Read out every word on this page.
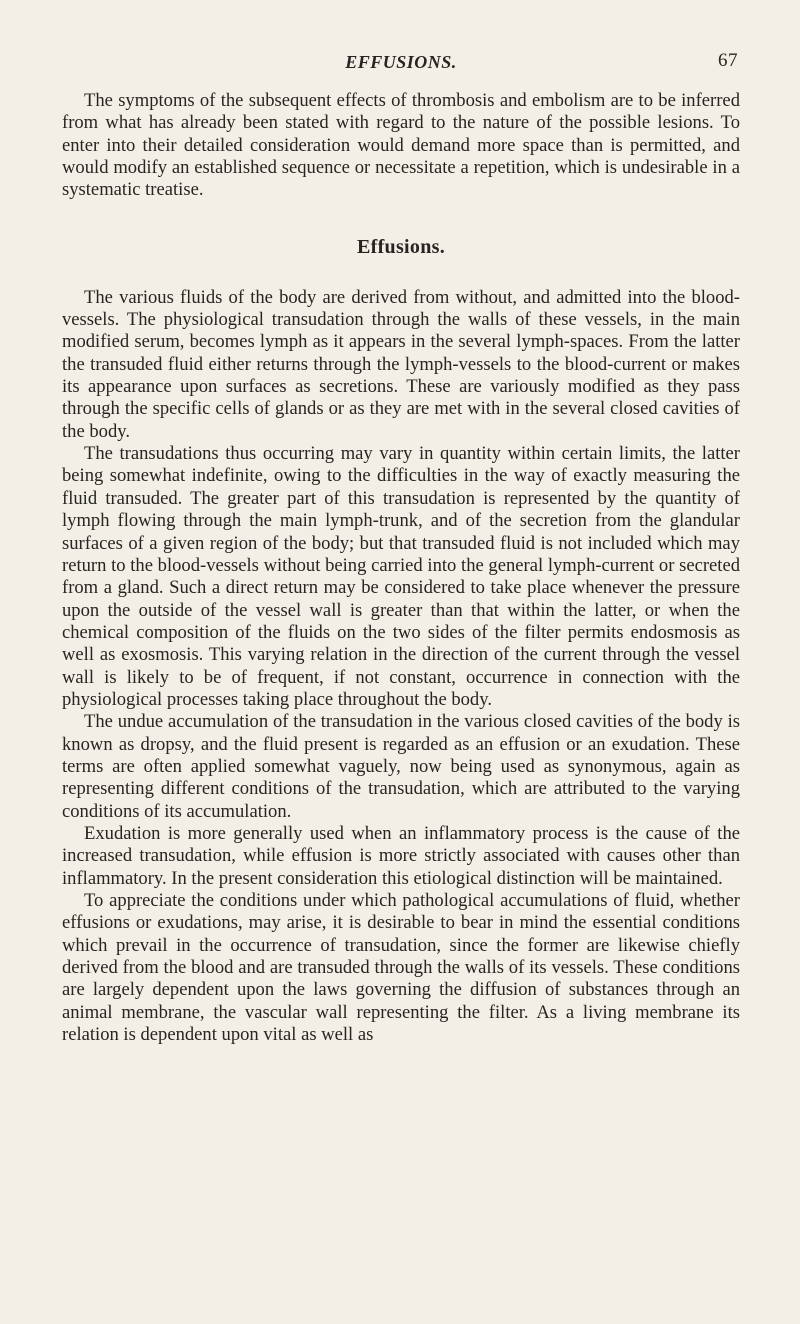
EFFUSIONS.	67

The symptoms of the subsequent effects of thrombosis and embolism are to be inferred from what has already been stated with regard to the nature of the possible lesions. To enter into their detailed consideration would demand more space than is permitted, and would modify an established sequence or necessitate a repetition, which is undesirable in a systematic treatise.

Effusions.

The various fluids of the body are derived from without, and admitted into the blood-vessels. The physiological transudation through the walls of these vessels, in the main modified serum, becomes lymph as it appears in the several lymph-spaces. From the latter the transuded fluid either returns through the lymph-vessels to the blood-current or makes its appearance upon surfaces as secretions. These are variously modified as they pass through the specific cells of glands or as they are met with in the several closed cavities of the body.

The transudations thus occurring may vary in quantity within certain limits, the latter being somewhat indefinite, owing to the difficulties in the way of exactly measuring the fluid transuded. The greater part of this transudation is represented by the quantity of lymph flowing through the main lymph-trunk, and of the secretion from the glandular surfaces of a given region of the body; but that transuded fluid is not included which may return to the blood-vessels without being carried into the general lymph-current or secreted from a gland. Such a direct return may be considered to take place whenever the pressure upon the outside of the vessel wall is greater than that within the latter, or when the chemical composition of the fluids on the two sides of the filter permits endosmosis as well as exosmosis. This varying relation in the direction of the current through the vessel wall is likely to be of frequent, if not constant, occurrence in connection with the physiological processes taking place throughout the body.

The undue accumulation of the transudation in the various closed cavities of the body is known as dropsy, and the fluid present is regarded as an effusion or an exudation. These terms are often applied somewhat vaguely, now being used as synonymous, again as representing different conditions of the transudation, which are attributed to the varying conditions of its accumulation.

Exudation is more generally used when an inflammatory process is the cause of the increased transudation, while effusion is more strictly associated with causes other than inflammatory. In the present consideration this etiological distinction will be maintained.

To appreciate the conditions under which pathological accumulations of fluid, whether effusions or exudations, may arise, it is desirable to bear in mind the essential conditions which prevail in the occurrence of transudation, since the former are likewise chiefly derived from the blood and are transuded through the walls of its vessels. These conditions are largely dependent upon the laws governing the diffusion of substances through an animal membrane, the vascular wall representing the filter. As a living membrane its relation is dependent upon vital as well as
